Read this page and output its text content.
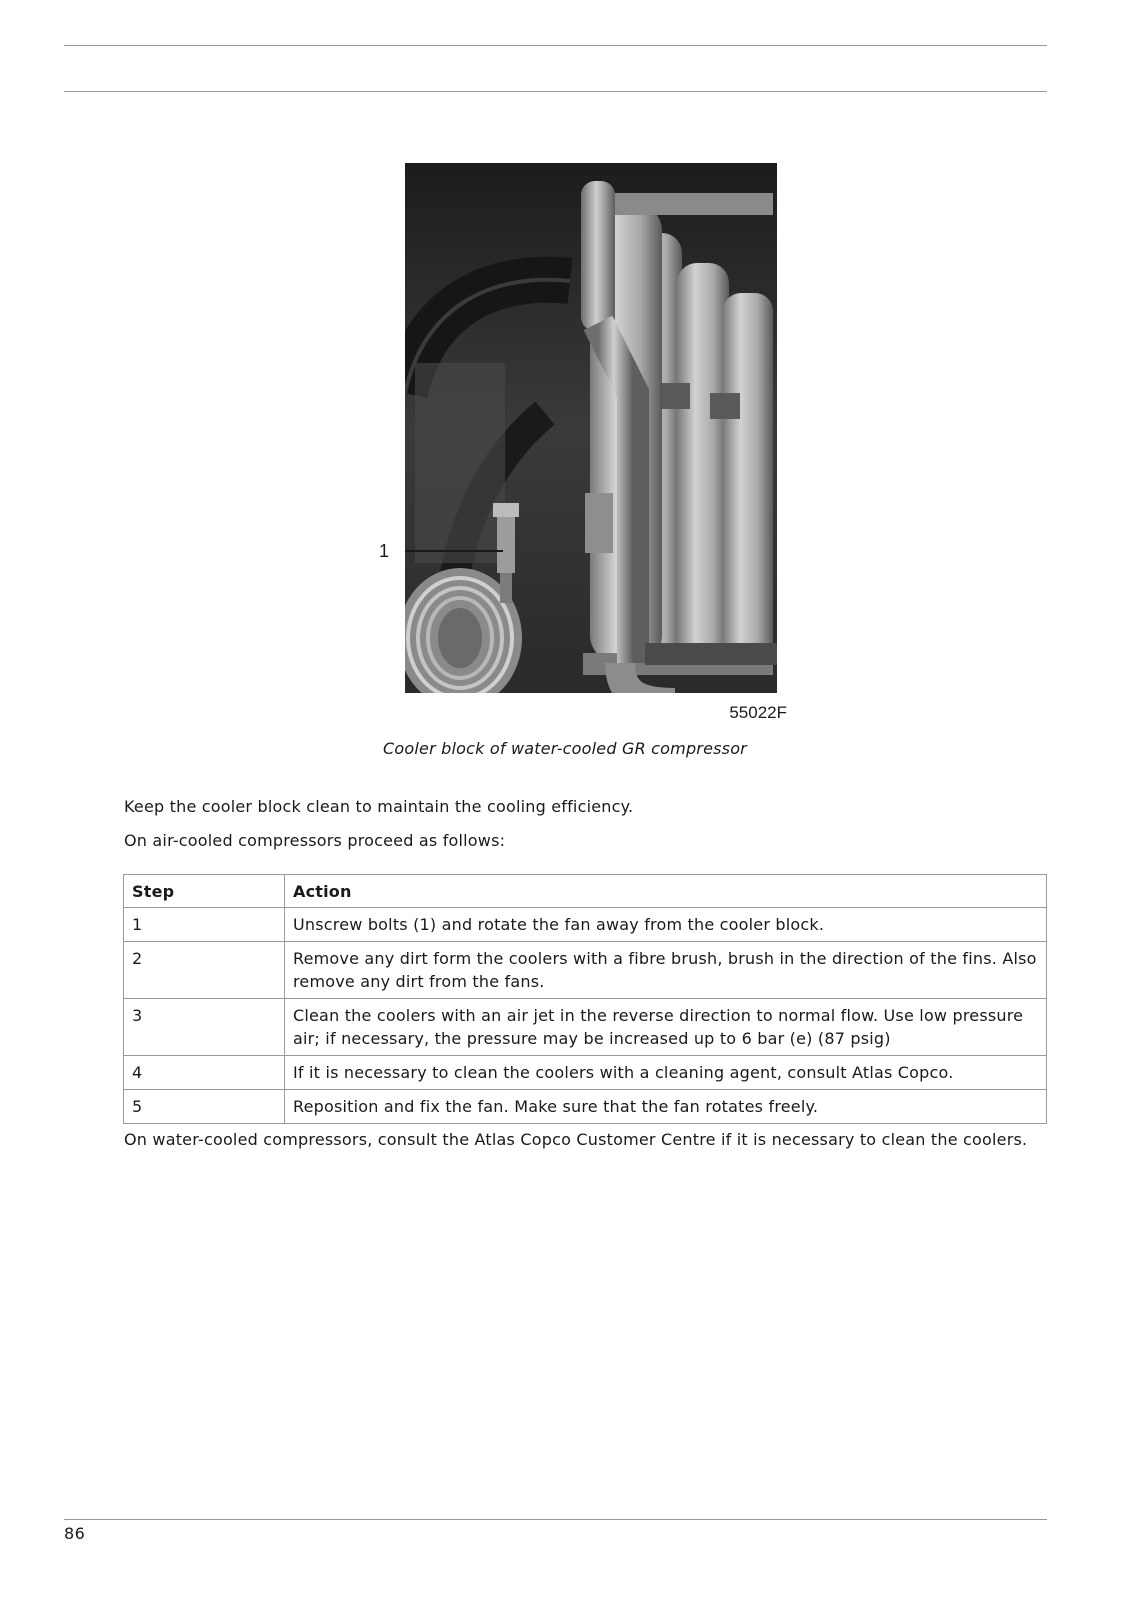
1
55022F
Cooler block of water-cooled GR compressor
Keep the cooler block clean to maintain the cooling efficiency.
On air-cooled compressors proceed as follows:
Step	Action
1	Unscrew bolts (1) and rotate the fan away from the cooler block.
2	Remove any dirt form the coolers with a fibre brush, brush in the direction of the fins. Also remove any dirt from the fans.
3	Clean the coolers with an air jet in the reverse direction to normal flow. Use low pressure air; if necessary, the pressure may be increased up to 6 bar (e) (87 psig)
4	If it is necessary to clean the coolers with a cleaning agent, consult Atlas Copco.
5	Reposition and fix the fan. Make sure that the fan rotates freely.
On water-cooled compressors, consult the Atlas Copco Customer Centre if it is necessary to clean the coolers.
86
